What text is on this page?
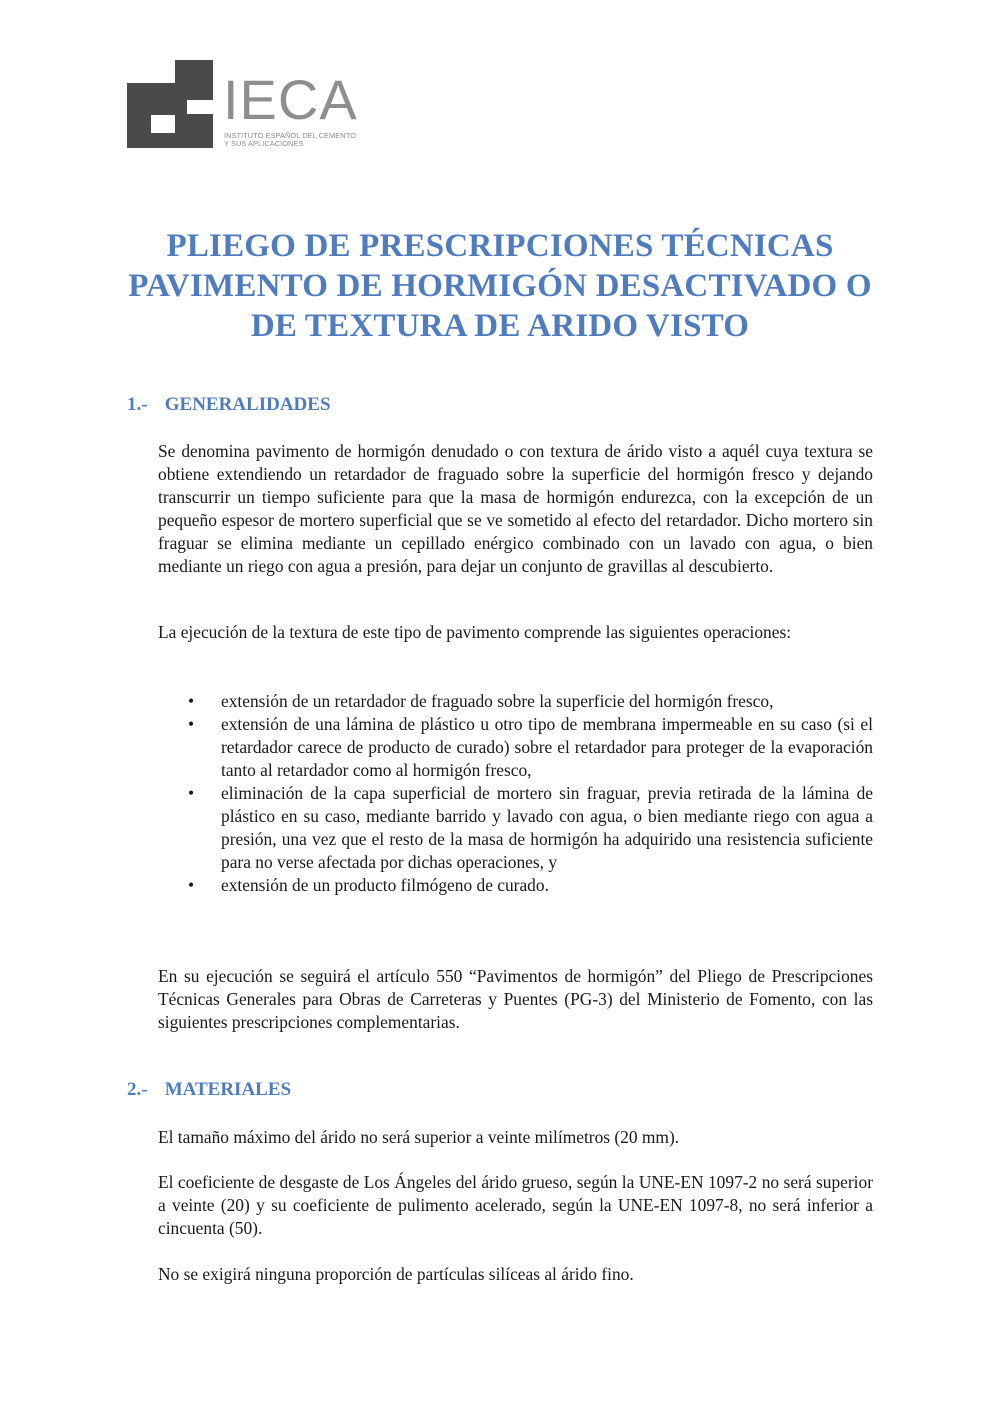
IECA
INSTITUTO ESPAÑOL DEL CEMENTO
Y SUS APLICACIONES
PLIEGO DE PRESCRIPCIONES TÉCNICAS
PAVIMENTO DE HORMIGÓN DESACTIVADO O
DE TEXTURA DE ARIDO VISTO
1.- GENERALIDADES
Se denomina pavimento de hormigón denudado o con textura de árido visto a aquél cuya textura se obtiene extendiendo un retardador de fraguado sobre la superficie del hormigón fresco y dejando transcurrir un tiempo suficiente para que la masa de hormigón endurezca, con la excepción de un pequeño espesor de mortero superficial que se ve sometido al efecto del retardador. Dicho mortero sin fraguar se elimina mediante un cepillado enérgico combinado con un lavado con agua, o bien mediante un riego con agua a presión, para dejar un conjunto de gravillas al descubierto.
La ejecución de la textura de este tipo de pavimento comprende las siguientes operaciones:
• extensión de un retardador de fraguado sobre la superficie del hormigón fresco,
• extensión de una lámina de plástico u otro tipo de membrana impermeable en su caso (si el retardador carece de producto de curado) sobre el retardador para proteger de la evaporación tanto al retardador como al hormigón fresco,
• eliminación de la capa superficial de mortero sin fraguar, previa retirada de la lámina de plástico en su caso, mediante barrido y lavado con agua, o bien mediante riego con agua a presión, una vez que el resto de la masa de hormigón ha adquirido una resistencia suficiente para no verse afectada por dichas operaciones, y
• extensión de un producto filmógeno de curado.
En su ejecución se seguirá el artículo 550 “Pavimentos de hormigón” del Pliego de Prescripciones Técnicas Generales para Obras de Carreteras y Puentes (PG-3) del Ministerio de Fomento, con las siguientes prescripciones complementarias.
2.- MATERIALES
El tamaño máximo del árido no será superior a veinte milímetros (20 mm).
El coeficiente de desgaste de Los Ángeles del árido grueso, según la UNE-EN 1097-2 no será superior a veinte (20) y su coeficiente de pulimento acelerado, según la UNE-EN 1097-8, no será inferior a cincuenta (50).
No se exigirá ninguna proporción de partículas silíceas al árido fino.
